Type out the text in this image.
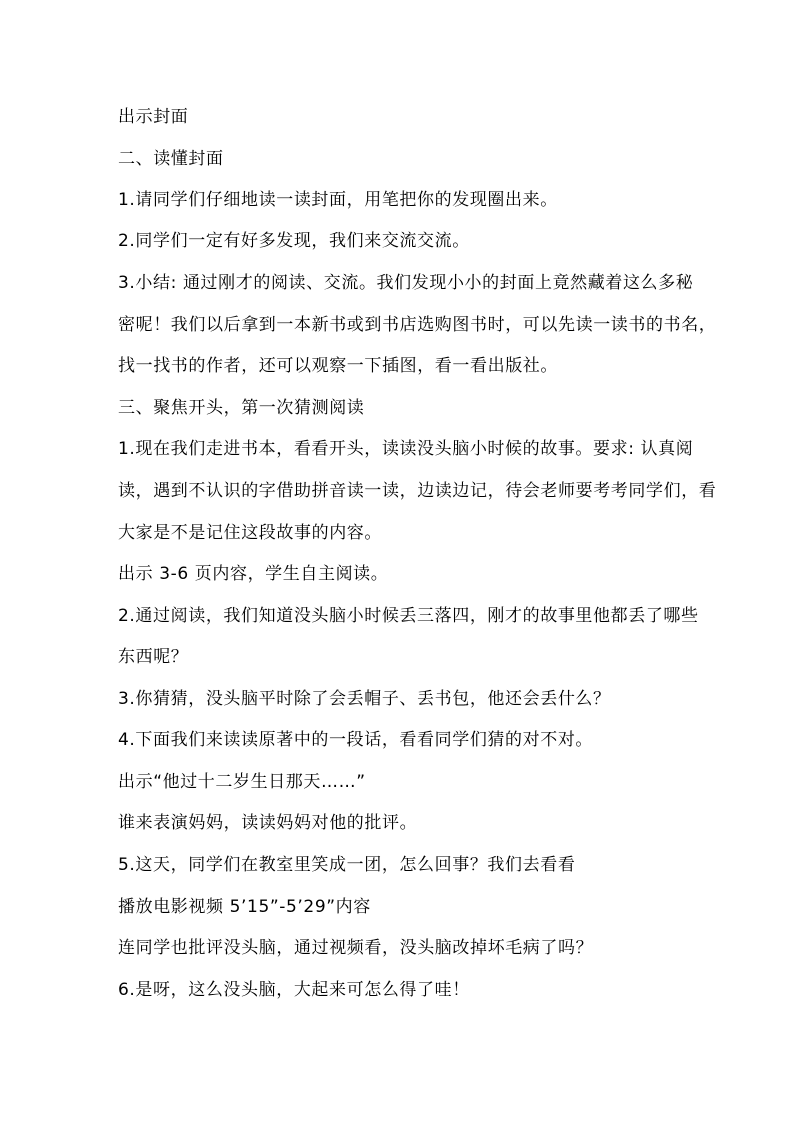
出示封面
二、读懂封面
1.请同学们仔细地读一读封面，用笔把你的发现圈出来。
2.同学们一定有好多发现，我们来交流交流。
3.小结: 通过刚才的阅读、交流。我们发现小小的封面上竟然藏着这么多秘
密呢！我们以后拿到一本新书或到书店选购图书时，可以先读一读书的书名，
找一找书的作者，还可以观察一下插图，看一看出版社。
三、聚焦开头，第一次猜测阅读
1.现在我们走进书本，看看开头，读读没头脑小时候的故事。要求: 认真阅
读，遇到不认识的字借助拼音读一读，边读边记，待会老师要考考同学们，看
大家是不是记住这段故事的内容。
出示 3-6 页内容，学生自主阅读。
2.通过阅读，我们知道没头脑小时候丢三落四，刚才的故事里他都丢了哪些
东西呢？
3.你猜猜，没头脑平时除了会丢帽子、丢书包，他还会丢什么？
4.下面我们来读读原著中的一段话，看看同学们猜的对不对。
出示“他过十二岁生日那天……”
谁来表演妈妈，读读妈妈对他的批评。
5.这天，同学们在教室里笑成一团，怎么回事？我们去看看
播放电影视频 5’15”-5’29”内容
连同学也批评没头脑，通过视频看，没头脑改掉坏毛病了吗？
6.是呀，这么没头脑，大起来可怎么得了哇！
